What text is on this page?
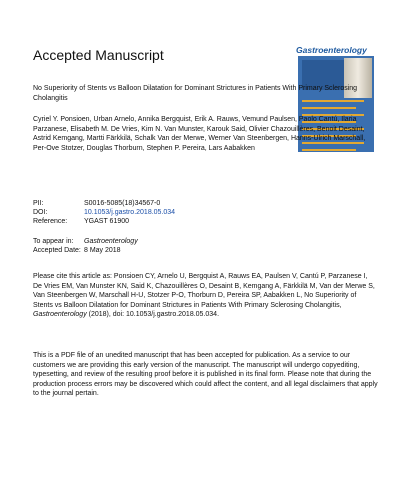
Accepted Manuscript	Gastroenterology
No Superiority of Stents vs Balloon Dilatation for Dominant Strictures in Patients With Primary Sclerosing Cholangitis
Cyriel Y. Ponsioen, Urban Arnelo, Annika Bergquist, Erik A. Rauws, Vemund Paulsen, Paolo Cantú, Ilaria Parzanese, Elisabeth M. De Vries, Kim N. Van Munster, Karouk Said, Olivier Chazouillères, Benoit Desaint, Astrid Kemgang, Martti Färkkilä, Schalk Van der Merwe, Werner Van Steenbergen, Hanns-Ulrich Marschall, Per-Ove Stotzer, Douglas Thorburn, Stephen P. Pereira, Lars Aabakken
PII:	S0016-5085(18)34567-0
DOI:	10.1053/j.gastro.2018.05.034
Reference:	YGAST 61900
To appear in:	Gastroenterology
Accepted Date: 8 May 2018
Please cite this article as: Ponsioen CY, Arnelo U, Bergquist A, Rauws EA, Paulsen V, Cantú P, Parzanese I, De Vries EM, Van Munster KN, Said K, Chazouillères O, Desaint B, Kemgang A, Färkkilä M, Van der Merwe S, Van Steenbergen W, Marschall H-U, Stotzer P-O, Thorburn D, Pereira SP, Aabakken L, No Superiority of Stents vs Balloon Dilatation for Dominant Strictures in Patients With Primary Sclerosing Cholangitis, Gastroenterology (2018), doi: 10.1053/j.gastro.2018.05.034.
This is a PDF file of an unedited manuscript that has been accepted for publication. As a service to our customers we are providing this early version of the manuscript. The manuscript will undergo copyediting, typesetting, and review of the resulting proof before it is published in its final form. Please note that during the production process errors may be discovered which could affect the content, and all legal disclaimers that apply to the journal pertain.
